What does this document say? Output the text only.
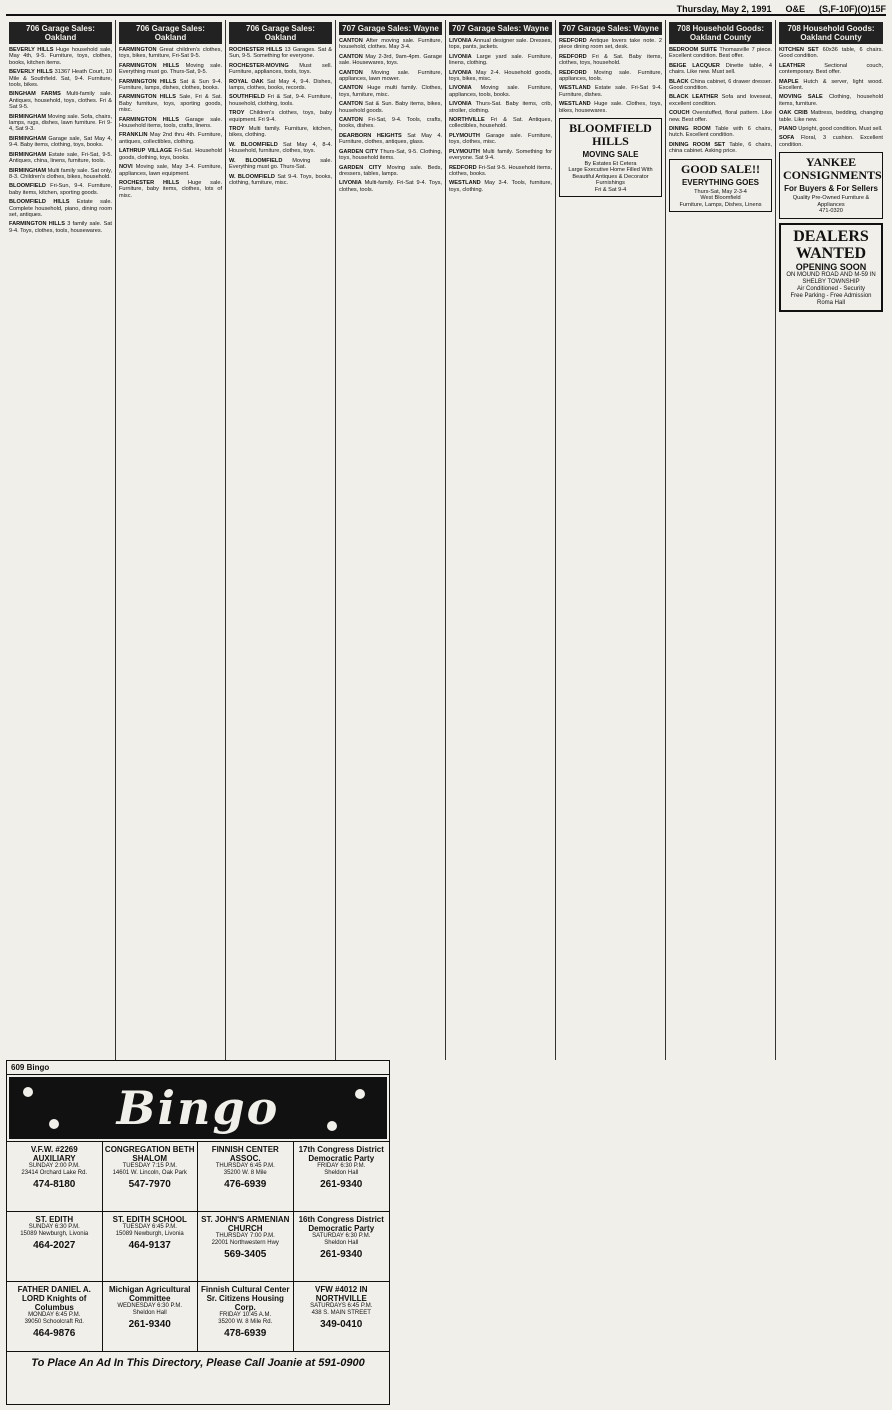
Thursday, May 2, 1991 O&E (S,F-10F)(O)15F
706 Garage Sales: Oakland

BEVERLY HILLS Huge household sale, May 4th, 9-5. Furniture, toys, clothes, books, kitchen items.

BEVERLY HILLS 31367 Heath Court, 10 Mile & Southfield. Sat, 9-4. Furniture, tools, bikes.

BINGHAM FARMS Multi-family sale. Antiques, household, toys, clothes. Fri & Sat 9-5.

BIRMINGHAM Moving sale. Sofa, chairs, lamps, rugs, dishes, lawn furniture. Fri 9-4, Sat 9-3.

BIRMINGHAM Garage sale, Sat May 4, 9-4. Baby items, clothing, toys, books.

BIRMINGHAM Estate sale, Fri-Sat, 9-5. Antiques, china, linens, furniture, tools.

BIRMINGHAM Multi family sale. Sat only, 8-3. Children's clothes, bikes, household.

BLOOMFIELD Fri-Sun, 9-4. Furniture, baby items, kitchen, sporting goods.

BLOOMFIELD HILLS Estate sale. Complete household, piano, dining room set, antiques.

FARMINGTON HILLS 3 family sale. Sat 9-4. Toys, clothes, tools, housewares.

706 Garage Sales: Oakland

FARMINGTON Great children's clothes, toys, bikes, furniture, Fri-Sat 9-5.

FARMINGTON HILLS Moving sale. Everything must go. Thurs-Sat, 9-5.

FARMINGTON HILLS Sat & Sun 9-4. Furniture, lamps, dishes, clothes, books.

FARMINGTON HILLS Sale, Fri & Sat. Baby furniture, toys, sporting goods, misc.

FARMINGTON HILLS Garage sale. Household items, tools, crafts, linens.

FRANKLIN May 2nd thru 4th. Furniture, antiques, collectibles, clothing.

LATHRUP VILLAGE Fri-Sat. Household goods, clothing, toys, books.

NOVI Moving sale, May 3-4. Furniture, appliances, lawn equipment.

ROCHESTER HILLS Huge sale. Furniture, baby items, clothes, lots of misc.

706 Garage Sales: Oakland

ROCHESTER HILLS 13 Garages. Sat & Sun, 9-5. Something for everyone.

ROCHESTER-MOVING Must sell. Furniture, appliances, tools, toys.

ROYAL OAK Sat May 4, 9-4. Dishes, lamps, clothes, books, records.

SOUTHFIELD Fri & Sat, 9-4. Furniture, household, clothing, tools.

TROY Children's clothes, toys, baby equipment. Fri 9-4.

TROY Multi family. Furniture, kitchen, bikes, clothing.

W. BLOOMFIELD Sat May 4, 8-4. Household, furniture, clothes, toys.

W. BLOOMFIELD Moving sale. Everything must go. Thurs-Sat.

W. BLOOMFIELD Sat 9-4. Toys, books, clothing, furniture, misc.

707 Garage Sales: Wayne

CANTON After moving sale. Furniture, household, clothes. May 3-4.

CANTON May 2-3rd, 9am-4pm. Garage sale. Housewares, toys.

CANTON Moving sale. Furniture, appliances, lawn mower.

CANTON Huge multi family. Clothes, toys, furniture, misc.

CANTON Sat & Sun. Baby items, bikes, household goods.

CANTON Fri-Sat, 9-4. Tools, crafts, books, dishes.

DEARBORN HEIGHTS Sat May 4. Furniture, clothes, antiques, glass.

GARDEN CITY Thurs-Sat, 9-5. Clothing, toys, household items.

GARDEN CITY Moving sale. Beds, dressers, tables, lamps.

LIVONIA Multi-family. Fri-Sat 9-4. Toys, clothes, tools.

707 Garage Sales: Wayne

LIVONIA Annual designer sale. Dresses, tops, pants, jackets.

LIVONIA Large yard sale. Furniture, linens, clothing.

LIVONIA May 2-4. Household goods, toys, bikes, misc.

LIVONIA Moving sale. Furniture, appliances, tools, books.

LIVONIA Thurs-Sat. Baby items, crib, stroller, clothing.

NORTHVILLE Fri & Sat. Antiques, collectibles, household.

PLYMOUTH Garage sale. Furniture, toys, clothes, misc.

PLYMOUTH Multi family. Something for everyone. Sat 9-4.

REDFORD Fri-Sat 9-5. Household items, clothes, books.

WESTLAND May 3-4. Tools, furniture, toys, clothing.

707 Garage Sales: Wayne

REDFORD Antique lovers take note. 2 piece dining room set, desk.

REDFORD Fri & Sat. Baby items, clothes, toys, household.

REDFORD Moving sale. Furniture, appliances, tools.

WESTLAND Estate sale. Fri-Sat 9-4. Furniture, dishes.

WESTLAND Huge sale. Clothes, toys, bikes, housewares.

BLOOMFIELD HILLS
MOVING SALE
By Estates Et Cetera
Large Executive Home Filled With Beautiful Antiques & Decorator Furnishings
Fri & Sat 9-4
708 Household Goods: Oakland County

BEDROOM SUITE Thomasville 7 piece. Excellent condition. Best offer.

BEIGE LACQUER Dinette table, 4 chairs. Like new. Must sell.

BLACK China cabinet, 6 drawer dresser. Good condition.

BLACK LEATHER Sofa and loveseat, excellent condition.

COUCH Overstuffed, floral pattern. Like new. Best offer.

DINING ROOM Table with 6 chairs, hutch. Excellent condition.

DINING ROOM SET Table, 6 chairs, china cabinet. Asking price.

GOOD SALE!!
EVERYTHING GOES
Thurs-Sat, May 2-3-4
West Bloomfield
Furniture, Lamps, Dishes, Linens
708 Household Goods: Oakland County

KITCHEN SET 60x36 table, 6 chairs. Good condition.

LEATHER	Sectional couch, contemporary. Best offer.

MAPLE Hutch & server, light wood. Excellent.

MOVING SALE Clothing, household items, furniture.

OAK CRIB Mattress, bedding, changing table. Like new.

PIANO Upright, good condition. Must sell.

SOFA Floral, 3 cushion. Excellent condition.

YANKEE CONSIGNMENTS
For Buyers & For Sellers
Quality Pre-Owned Furniture & Appliances
471-0320
DEALERS WANTED
OPENING SOON
ON MOUND ROAD AND M-59 IN SHELBY TOWNSHIP
Air Conditioned - Security
Free Parking - Free Admission
Roma Hall
609 Bingo
Bingo
V.F.W. #2269 AUXILIARY
SUNDAY 2:00 P.M.
23414 Orchard Lake Rd.
474-8180
CONGREGATION BETH SHALOM
TUESDAY 7:15 P.M.
14601 W. Lincoln, Oak Park
547-7970
FINNISH CENTER ASSOC.
THURSDAY 6:45 P.M.
35200 W. 8 Mile
476-6939
17th Congress District Democratic Party
FRIDAY 6:30 P.M.
Sheldon Hall
261-9340
ST. EDITH
SUNDAY 6:30 P.M.
15089 Newburgh, Livonia
464-2027
ST. EDITH SCHOOL
TUESDAY 6:45 P.M.
15089 Newburgh, Livonia
464-9137
ST. JOHN'S ARMENIAN CHURCH
THURSDAY 7:00 P.M.
22001 Northwestern Hwy
569-3405
16th Congress District Democratic Party
SATURDAY 6:30 P.M.
Sheldon Hall
261-9340
FATHER DANIEL A. LORD Knights of Columbus
MONDAY 6:45 P.M.
39050 Schoolcraft Rd.
464-9876
Michigan Agricultural Committee
WEDNESDAY 6:30 P.M.
Sheldon Hall
261-9340
Finnish Cultural Center Sr. Citizens Housing Corp.
FRIDAY 10:45 A.M.
35200 W. 8 Mile Rd.
478-6939
VFW #4012 IN NORTHVILLE
SATURDAYS 6:45 P.M.
438 S. MAIN STREET
349-0410
To Place An Ad In This Directory, Please Call Joanie at 591-0900
